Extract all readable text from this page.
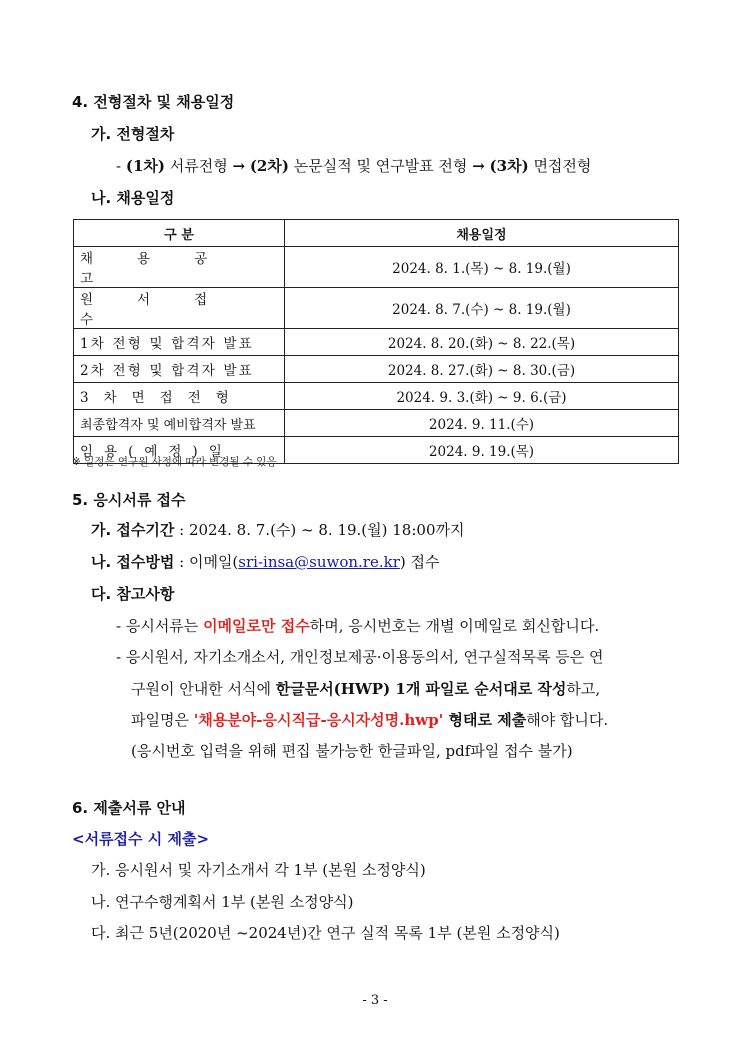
4. 전형절차 및 채용일정
가. 전형절차
- (1차) 서류전형 → (2차) 논문실적 및 연구발표 전형 → (3차) 면접전형
나. 채용일정
구 분	채용일정
채용공고	2024. 8. 1.(목) ~ 8. 19.(월)
원서접수	2024. 8. 7.(수) ~ 8. 19.(월)
1차 전형 및 합격자 발표	2024. 8. 20.(화) ~ 8. 22.(목)
2차 전형 및 합격자 발표	2024. 8. 27.(화) ~ 8. 30.(금)
3차면접전형	2024. 9. 3.(화) ~ 9. 6.(금)
최종합격자 및 예비합격자 발표	2024. 9. 11.(수)
임용(예정)일	2024. 9. 19.(목)
※ 일정은 연구원 사정에 따라 변경될 수 있음
5. 응시서류 접수
가. 접수기간 : 2024. 8. 7.(수) ~ 8. 19.(월) 18:00까지
나. 접수방법 : 이메일(sri-insa@suwon.re.kr) 접수
다. 참고사항
- 응시서류는 이메일로만 접수하며, 응시번호는 개별 이메일로 회신합니다.
- 응시원서, 자기소개소서, 개인정보제공·이용동의서, 연구실적목록 등은 연
구원이 안내한 서식에 한글문서(HWP) 1개 파일로 순서대로 작성하고,
파일명은 '채용분야-응시직급-응시자성명.hwp' 형태로 제출해야 합니다.
(응시번호 입력을 위해 편집 불가능한 한글파일, pdf파일 접수 불가)
6. 제출서류 안내
<서류접수 시 제출>
가. 응시원서 및 자기소개서 각 1부 (본원 소정양식)
나. 연구수행계획서 1부 (본원 소정양식)
다. 최근 5년(2020년 ~2024년)간 연구 실적 목록 1부 (본원 소정양식)
- 3 -
